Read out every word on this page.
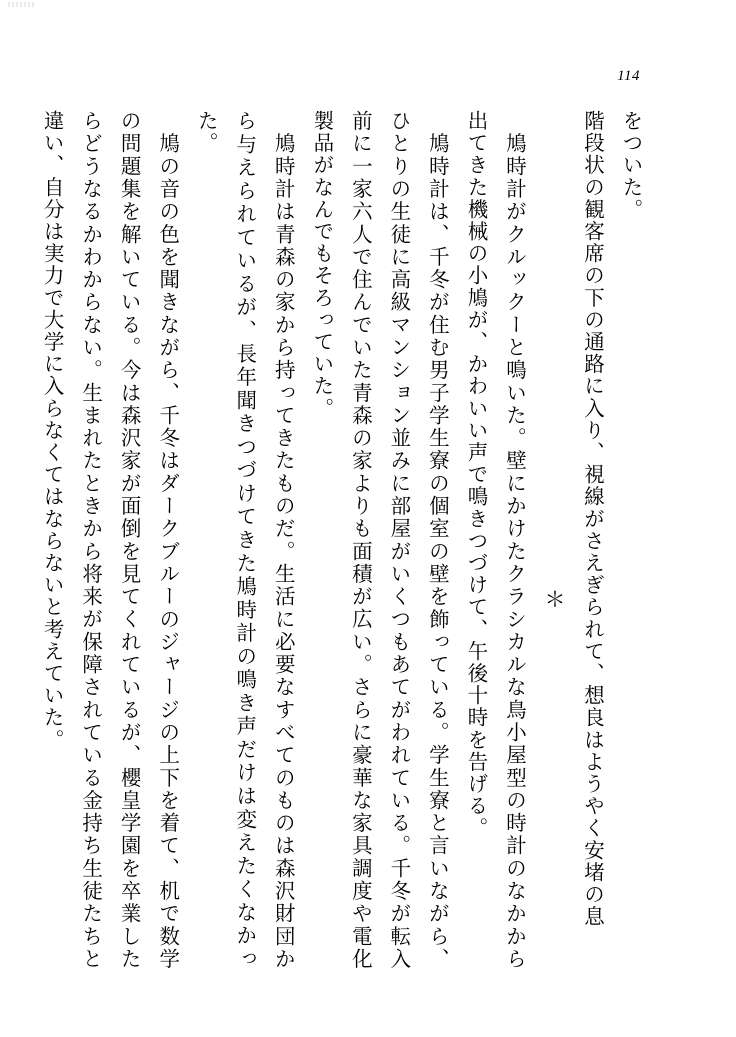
114

をついた。

階段状の観客席の下の通路に入り、視線がさえぎられて、想良はようやく安堵の息

＊

鳩時計がクルックーと鳴いた。壁にかけたクラシカルな鳥小屋型の時計のなかから出てきた機械の小鳩が、かわいい声で鳴きつづけて、午後十時を告げる。

鳩時計は、千冬が住む男子学生寮の個室の壁を飾っている。学生寮と言いながら、ひとりの生徒に高級マンション並みに部屋がいくつもあてがわれている。千冬が転入前に一家六人で住んでいた青森の家よりも面積が広い。さらに豪華な家具調度や電化製品がなんでもそろっていた。

鳩時計は青森の家から持ってきたものだ。生活に必要なすべてのものは森沢財団から与えられているが、長年聞きつづけてきた鳩時計の鳴き声だけは変えたくなかった。

鳩の音の色を聞きながら、千冬はダークブルーのジャージの上下を着て、机で数学の問題集を解いている。今は森沢家が面倒を見てくれているが、櫻皇学園を卒業したらどうなるかわからない。生まれたときから将来が保障されている金持ち生徒たちと違い、自分は実力で大学に入らなくてはならないと考えていた。
